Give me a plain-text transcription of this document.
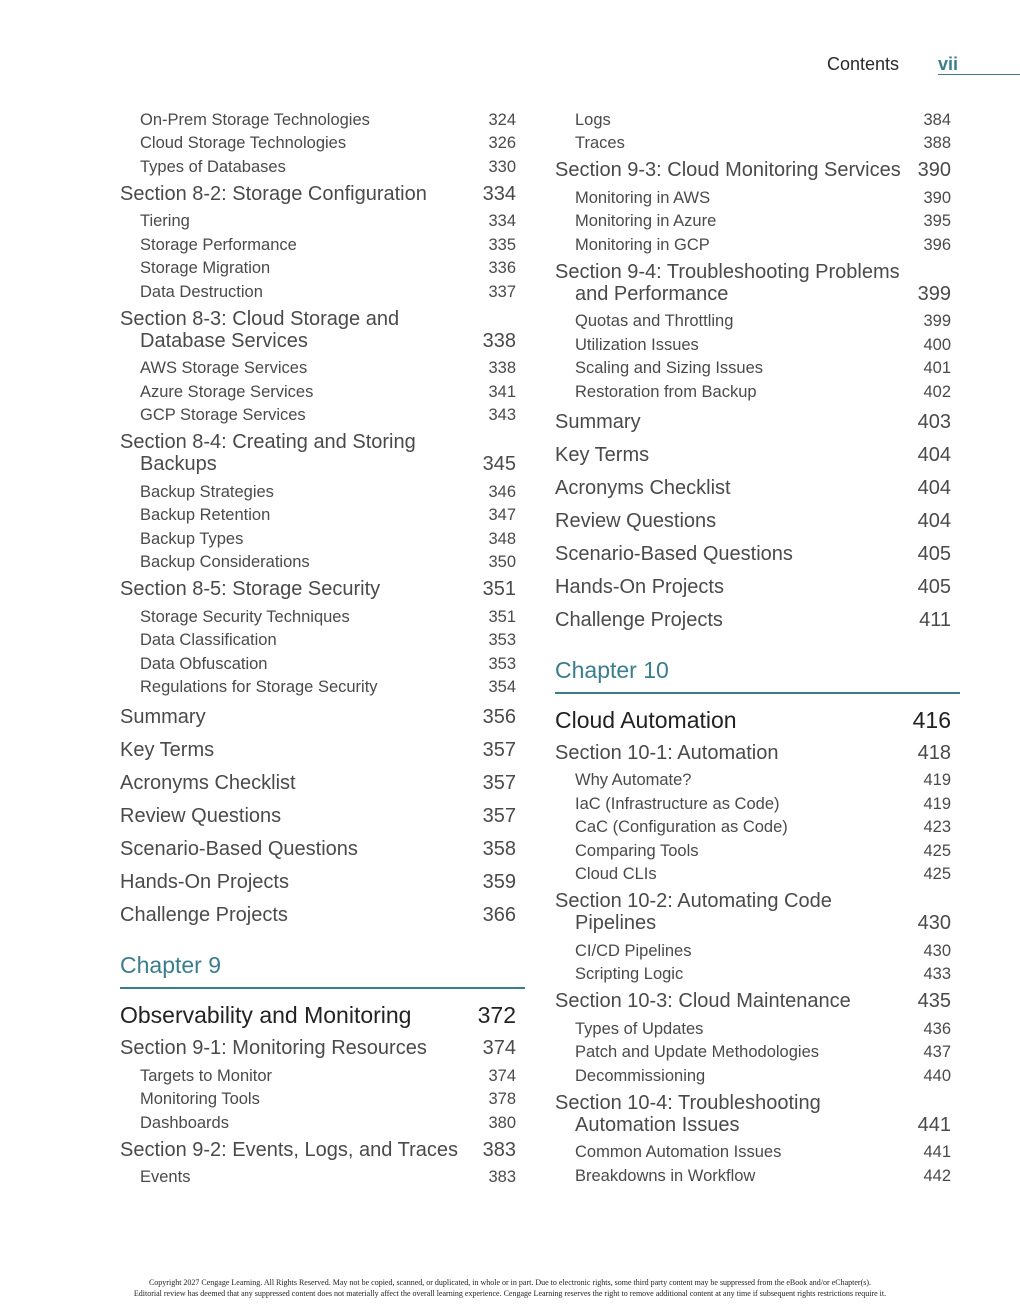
Contents vii
On-Prem Storage Technologies	324
Cloud Storage Technologies	326
Types of Databases	330
Section 8-2: Storage Configuration	334
Tiering	334
Storage Performance	335
Storage Migration	336
Data Destruction	337
Section 8-3: Cloud Storage and Database Services	338
AWS Storage Services	338
Azure Storage Services	341
GCP Storage Services	343
Section 8-4: Creating and Storing Backups	345
Backup Strategies	346
Backup Retention	347
Backup Types	348
Backup Considerations	350
Section 8-5: Storage Security	351
Storage Security Techniques	351
Data Classification	353
Data Obfuscation	353
Regulations for Storage Security	354
Summary	356
Key Terms	357
Acronyms Checklist	357
Review Questions	357
Scenario-Based Questions	358
Hands-On Projects	359
Challenge Projects	366
Chapter 9
Observability and Monitoring	372
Section 9-1: Monitoring Resources	374
Targets to Monitor	374
Monitoring Tools	378
Dashboards	380
Section 9-2: Events, Logs, and Traces	383
Events	383
Logs	384
Traces	388
Section 9-3: Cloud Monitoring Services 390
Monitoring in AWS	390
Monitoring in Azure	395
Monitoring in GCP	396
Section 9-4: Troubleshooting Problems and Performance	399
Quotas and Throttling	399
Utilization Issues	400
Scaling and Sizing Issues	401
Restoration from Backup	402
Summary	403
Key Terms	404
Acronyms Checklist	404
Review Questions	404
Scenario-Based Questions	405
Hands-On Projects	405
Challenge Projects	411
Chapter 10
Cloud Automation	416
Section 10-1: Automation	418
Why Automate?	419
IaC (Infrastructure as Code)	419
CaC (Configuration as Code)	423
Comparing Tools	425
Cloud CLIs	425
Section 10-2: Automating Code Pipelines	430
CI/CD Pipelines	430
Scripting Logic	433
Section 10-3: Cloud Maintenance	435
Types of Updates	436
Patch and Update Methodologies	437
Decommissioning	440
Section 10-4: Troubleshooting Automation Issues	441
Common Automation Issues	441
Breakdowns in Workflow	442
Copyright 2027 Cengage Learning. All Rights Reserved. May not be copied, scanned, or duplicated, in whole or in part. Due to electronic rights, some third party content may be suppressed from the eBook and/or eChapter(s).
Editorial review has deemed that any suppressed content does not materially affect the overall learning experience. Cengage Learning reserves the right to remove additional content at any time if subsequent rights restrictions require it.
